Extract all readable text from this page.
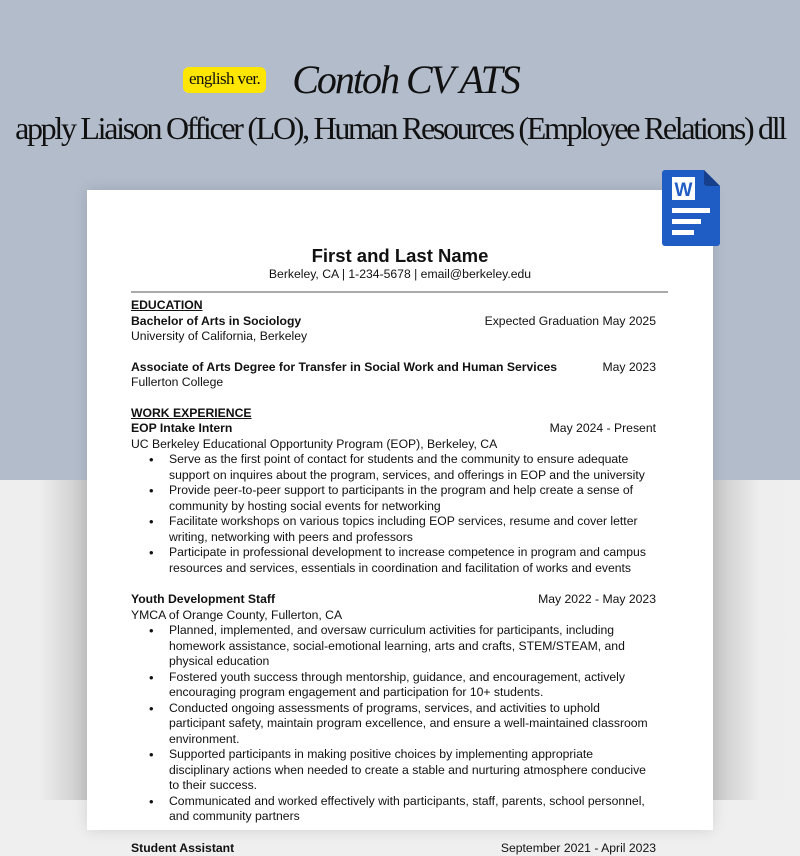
english ver. Contoh CV ATS
apply Liaison Officer (LO), Human Resources (Employee Relations) dll
First and Last Name
Berkeley, CA | 1-234-5678 | email@berkeley.edu
EDUCATION
Bachelor of Arts in Sociology	Expected Graduation May 2025
University of California, Berkeley
Associate of Arts Degree for Transfer in Social Work and Human Services	May 2023
Fullerton College
WORK EXPERIENCE
EOP Intake Intern	May 2024 - Present
UC Berkeley Educational Opportunity Program (EOP), Berkeley, CA
• Serve as the first point of contact for students and the community to ensure adequate support on inquires about the program, services, and offerings in EOP and the university
• Provide peer-to-peer support to participants in the program and help create a sense of community by hosting social events for networking
• Facilitate workshops on various topics including EOP services, resume and cover letter writing, networking with peers and professors
• Participate in professional development to increase competence in program and campus resources and services, essentials in coordination and facilitation of works and events
Youth Development Staff	May 2022 - May 2023
YMCA of Orange County, Fullerton, CA
• Planned, implemented, and oversaw curriculum activities for participants, including homework assistance, social-emotional learning, arts and crafts, STEM/STEAM, and physical education
• Fostered youth success through mentorship, guidance, and encouragement, actively encouraging program engagement and participation for 10+ students.
• Conducted ongoing assessments of programs, services, and activities to uphold participant safety, maintain program excellence, and ensure a well-maintained classroom environment.
• Supported participants in making positive choices by implementing appropriate disciplinary actions when needed to create a stable and nurturing atmosphere conducive to their success.
• Communicated and worked effectively with participants, staff, parents, school personnel, and community partners
Student Assistant	September 2021 - April 2023
W
